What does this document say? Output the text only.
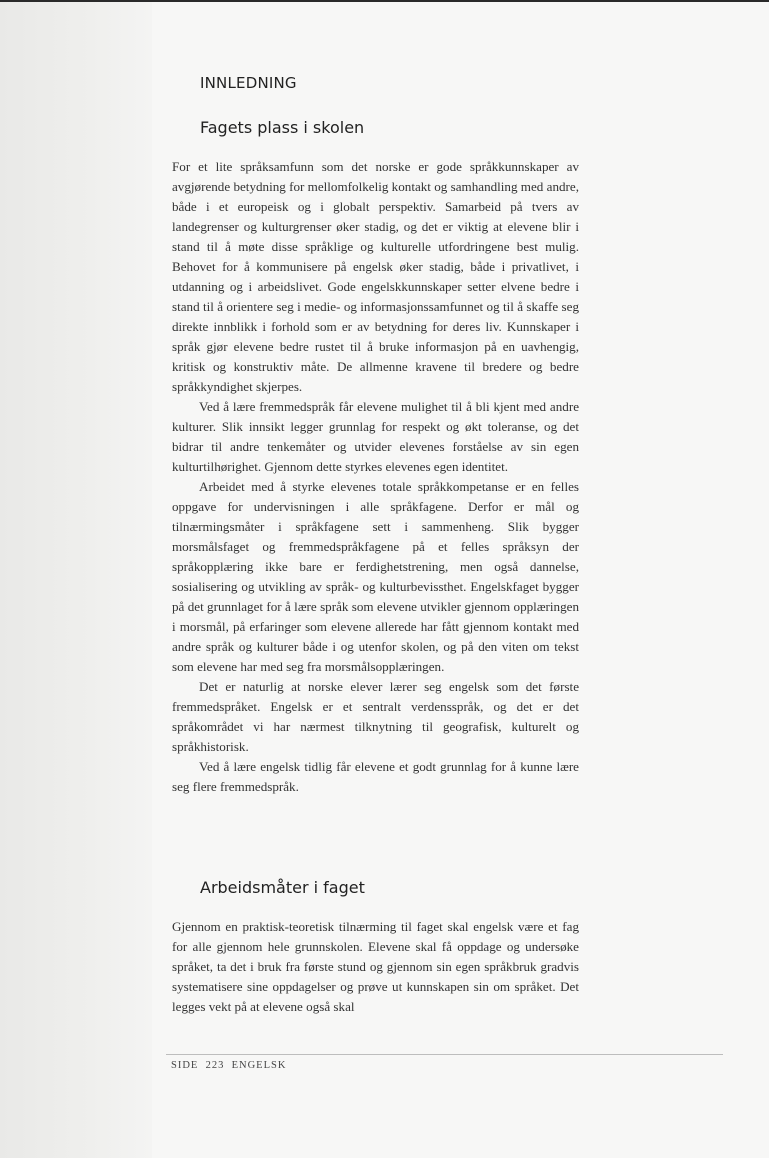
INNLEDNING
Fagets plass i skolen

For et lite språksamfunn som det norske er gode språkkunnskaper av avgjørende betydning for mellomfolkelig kontakt og samhandling med andre, både i et europeisk og i globalt perspektiv. Samarbeid på tvers av landegrenser og kulturgrenser øker stadig, og det er viktig at elevene blir i stand til å møte disse språklige og kulturelle utfordringene best mulig. Behovet for å kommunisere på engelsk øker stadig, både i privatlivet, i utdanning og i arbeidslivet. Gode engelskkunnskaper setter elvene bedre i stand til å orientere seg i medie- og informasjonssamfunnet og til å skaffe seg direkte innblikk i forhold som er av betydning for deres liv. Kunnskaper i språk gjør elevene bedre rustet til å bruke informasjon på en uavhengig, kritisk og konstruktiv måte. De allmenne kravene til bredere og bedre språkkyndighet skjerpes.

Ved å lære fremmedspråk får elevene mulighet til å bli kjent med andre kulturer. Slik innsikt legger grunnlag for respekt og økt toleranse, og det bidrar til andre tenkemåter og utvider elevenes forståelse av sin egen kulturtilhørighet. Gjennom dette styrkes elevenes egen identitet.

Arbeidet med å styrke elevenes totale språkkompetanse er en felles oppgave for undervisningen i alle språkfagene. Derfor er mål og tilnærmingsmåter i språkfagene sett i sammenheng. Slik bygger morsmålsfaget og fremmedspråkfagene på et felles språksyn der språkopplæring ikke bare er ferdighetstrening, men også dannelse, sosialisering og utvikling av språk- og kulturbevissthet. Engelskfaget bygger på det grunnlaget for å lære språk som elevene utvikler gjennom opplæringen i morsmål, på erfaringer som elevene allerede har fått gjennom kontakt med andre språk og kulturer både i og utenfor skolen, og på den viten om tekst som elevene har med seg fra morsmålsopplæringen.

Det er naturlig at norske elever lærer seg engelsk som det første fremmedspråket. Engelsk er et sentralt verdensspråk, og det er det språkområdet vi har nærmest tilknytning til geografisk, kulturelt og språkhistorisk.

Ved å lære engelsk tidlig får elevene et godt grunnlag for å kunne lære seg flere fremmedspråk.

Arbeidsmåter i faget

Gjennom en praktisk-teoretisk tilnærming til faget skal engelsk være et fag for alle gjennom hele grunnskolen. Elevene skal få oppdage og undersøke språket, ta det i bruk fra første stund og gjennom sin egen språkbruk gradvis systematisere sine oppdagelser og prøve ut kunnskapen sin om språket. Det legges vekt på at elevene også skal

SIDE  223  ENGELSK
